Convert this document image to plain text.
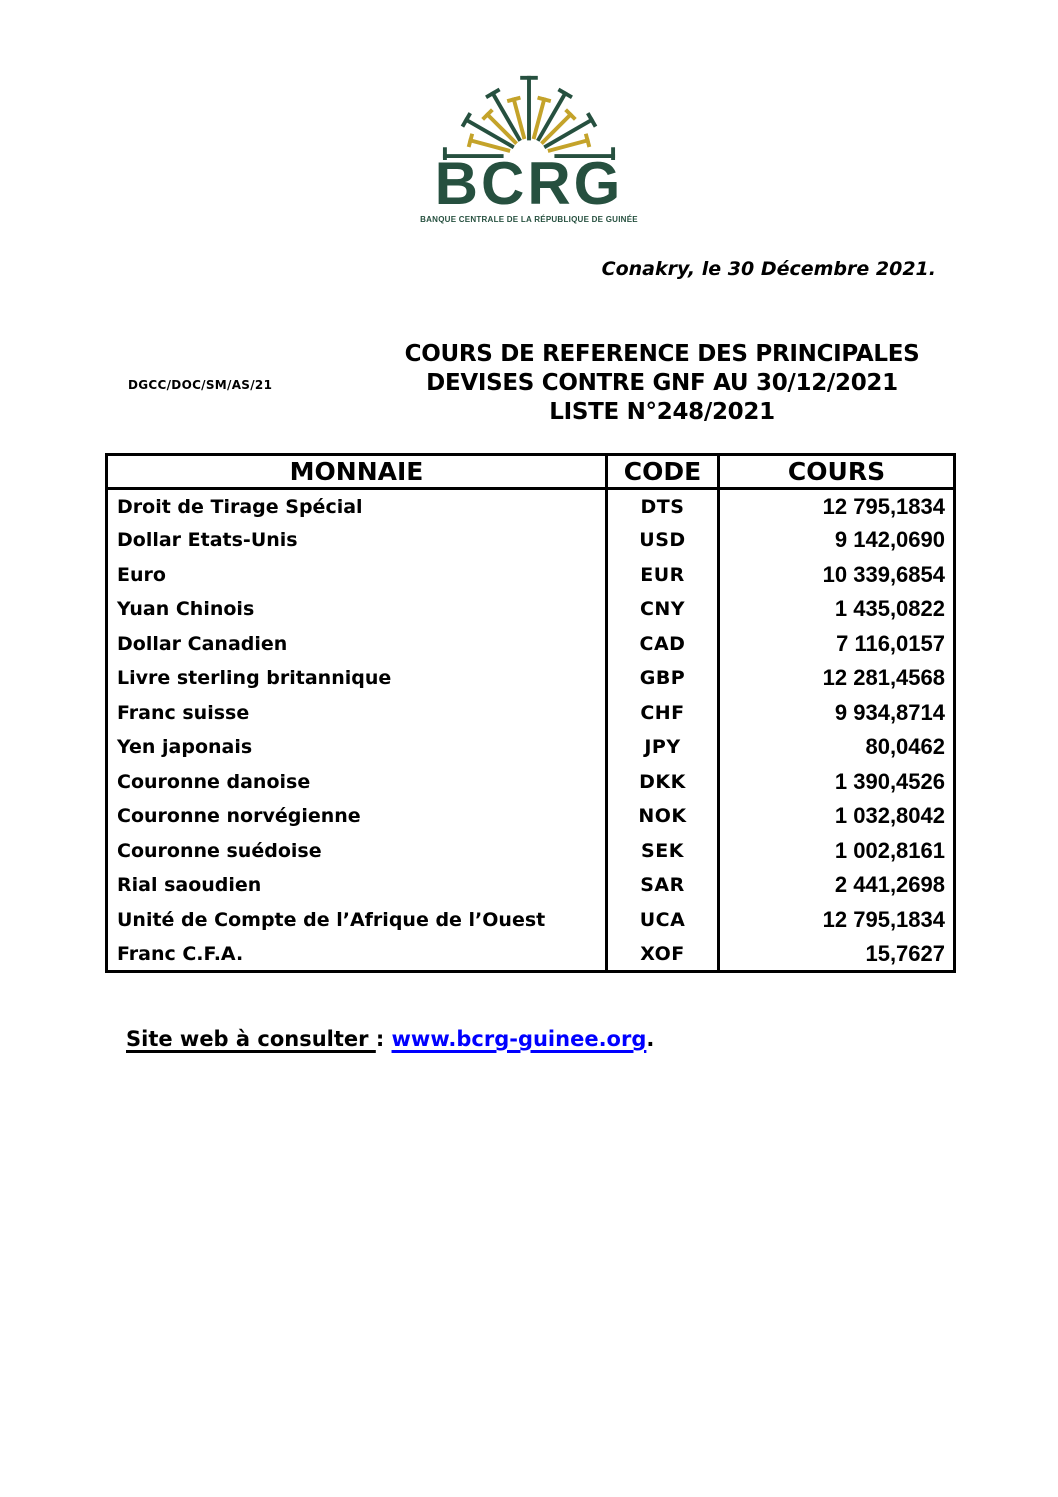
BCRG
BANQUE CENTRALE DE LA RÉPUBLIQUE DE GUINÉE
Conakry, le 30 Décembre 2021.
DGCC/DOC/SM/AS/21
COURS DE REFERENCE DES PRINCIPALES
DEVISES CONTRE GNF AU 30/12/2021
LISTE N°248/2021
MONNAIE	CODE	COURS
Droit de Tirage Spécial	DTS	12 795,1834
Dollar Etats-Unis	USD	9 142,0690
Euro	EUR	10 339,6854
Yuan Chinois	CNY	1 435,0822
Dollar Canadien	CAD	7 116,0157
Livre sterling britannique	GBP	12 281,4568
Franc suisse	CHF	9 934,8714
Yen japonais	JPY	80,0462
Couronne danoise	DKK	1 390,4526
Couronne norvégienne	NOK	1 032,8042
Couronne suédoise	SEK	1 002,8161
Rial saoudien	SAR	2 441,2698
Unité de Compte de l’Afrique de l’Ouest	UCA	12 795,1834
Franc C.F.A.	XOF	15,7627
Site web à consulter : www.bcrg-guinee.org.
